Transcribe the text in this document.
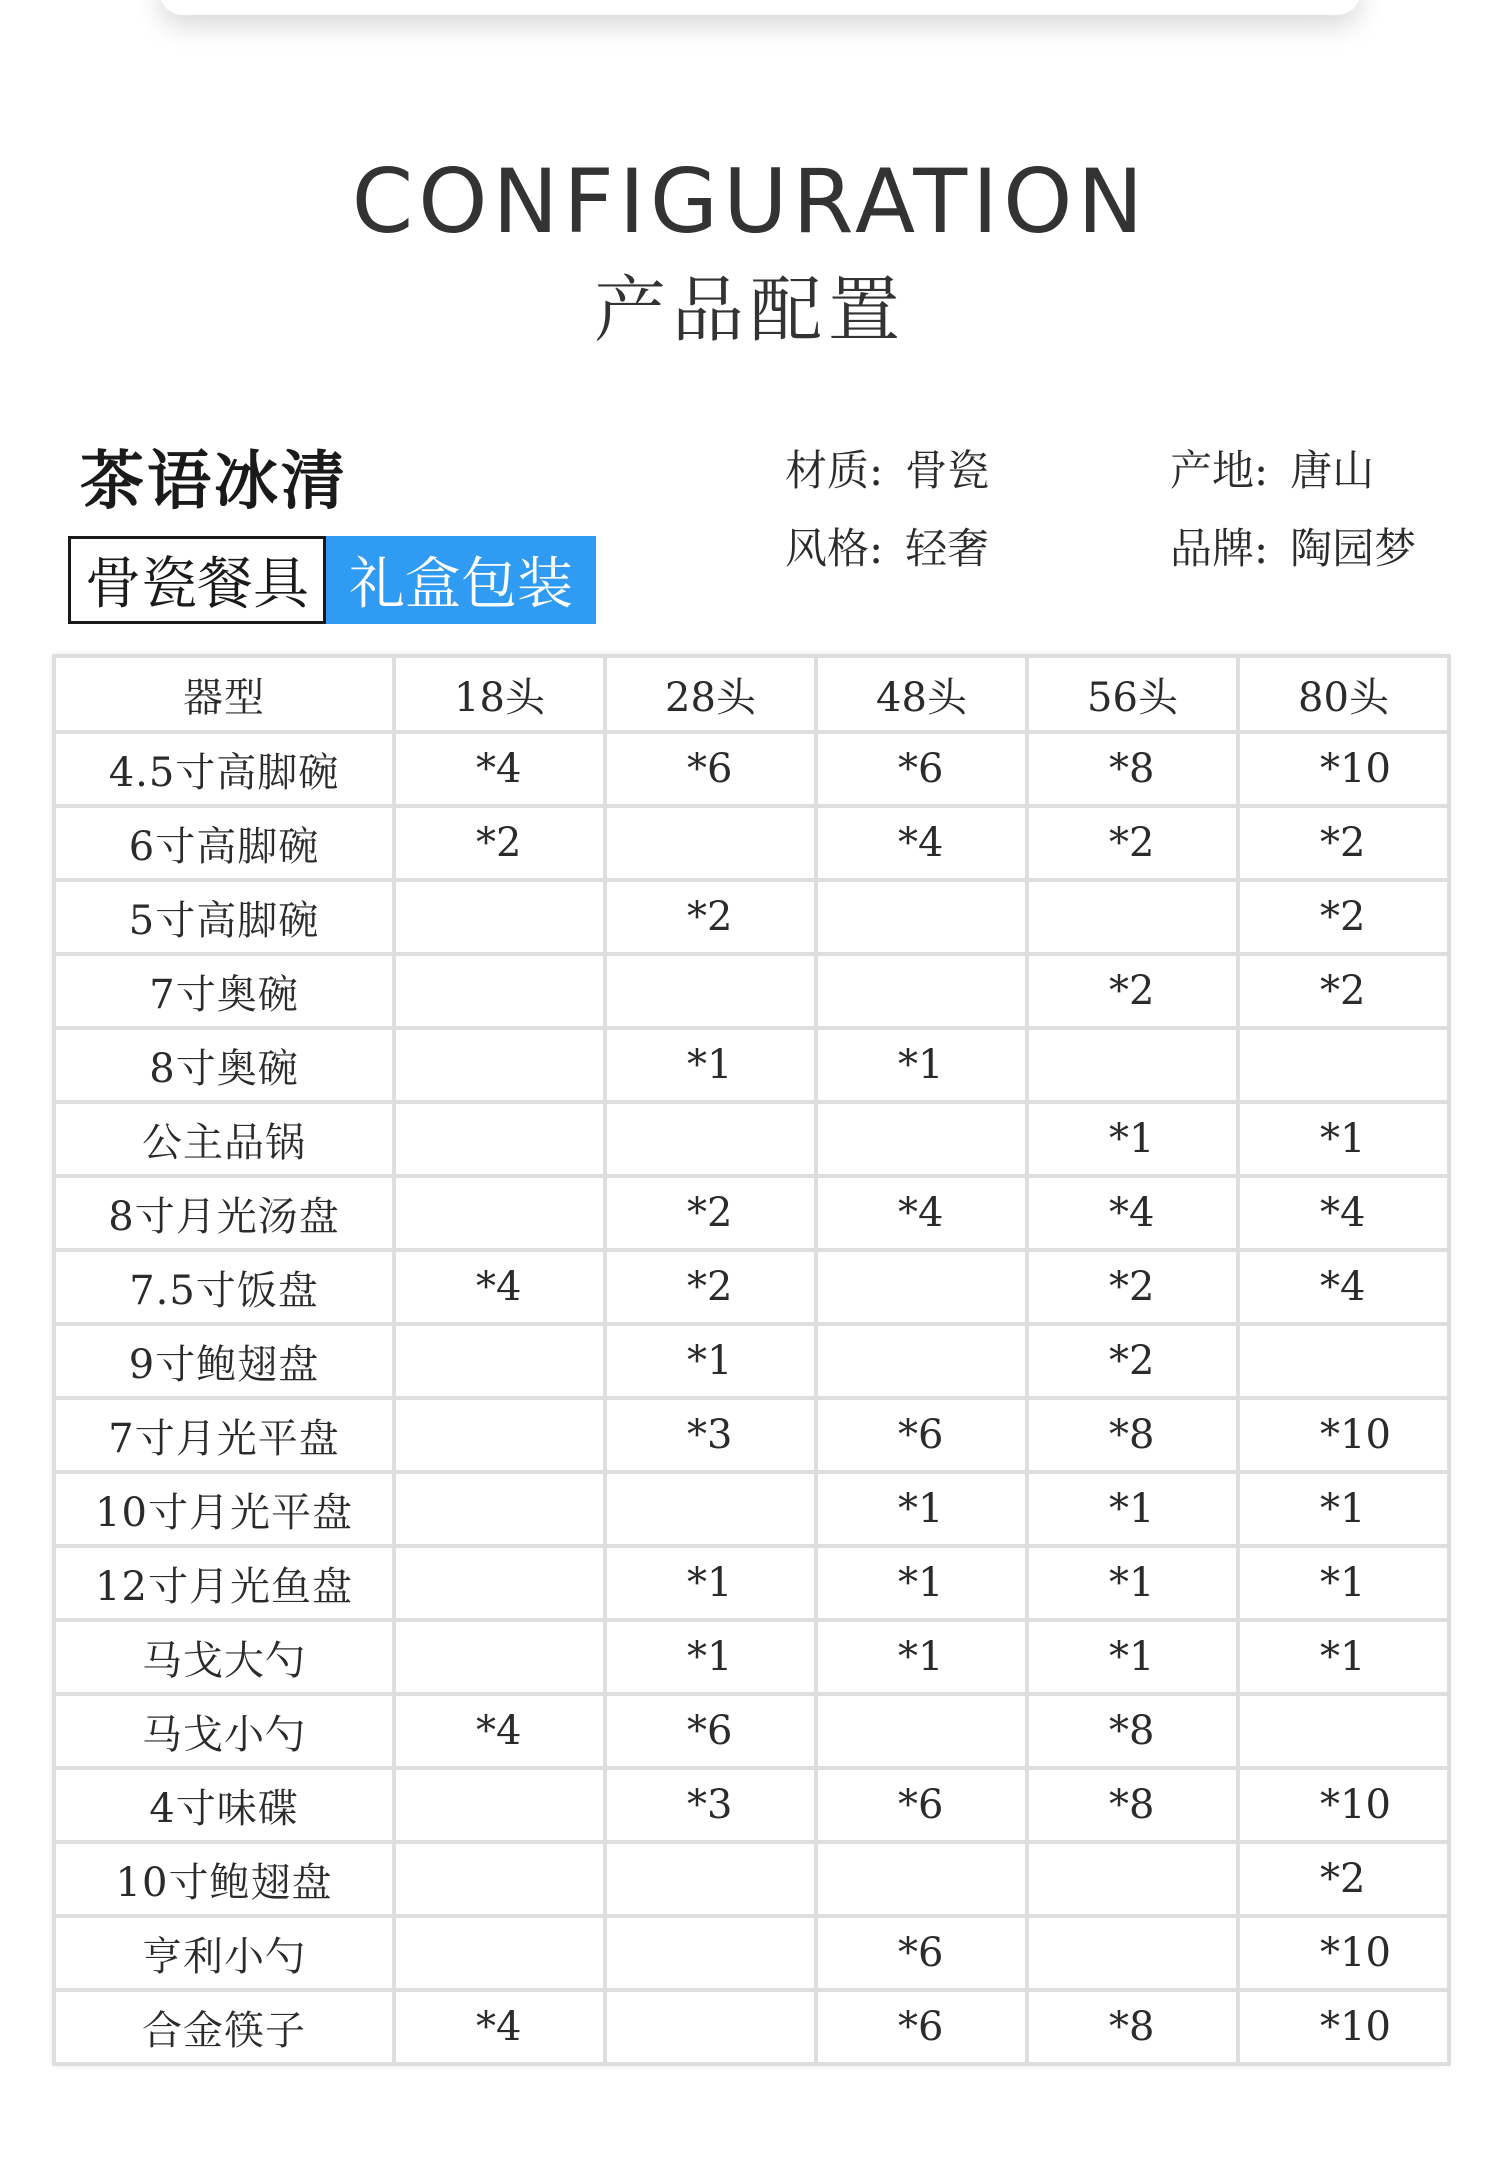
CONFIGURATION
产品配置
茶语冰清
骨瓷餐具 礼盒包装
材质: 骨瓷	产地: 唐山
风格: 轻奢	品牌: 陶园梦
器型	18头	28头	48头	56头	80头
4.5寸高脚碗	*4	*6	*6	*8	*10
6寸高脚碗	*2		*4	*2	*2
5寸高脚碗		*2			*2
7寸奥碗				*2	*2
8寸奥碗		*1	*1		
公主品锅				*1	*1
8寸月光汤盘		*2	*4	*4	*4
7.5寸饭盘	*4	*2		*2	*4
9寸鲍翅盘		*1		*2	
7寸月光平盘		*3	*6	*8	*10
10寸月光平盘			*1	*1	*1
12寸月光鱼盘		*1	*1	*1	*1
马戈大勺		*1	*1	*1	*1
马戈小勺	*4	*6		*8	
4寸味碟		*3	*6	*8	*10
10寸鲍翅盘					*2
亨利小勺			*6		*10
合金筷子	*4		*6	*8	*10
